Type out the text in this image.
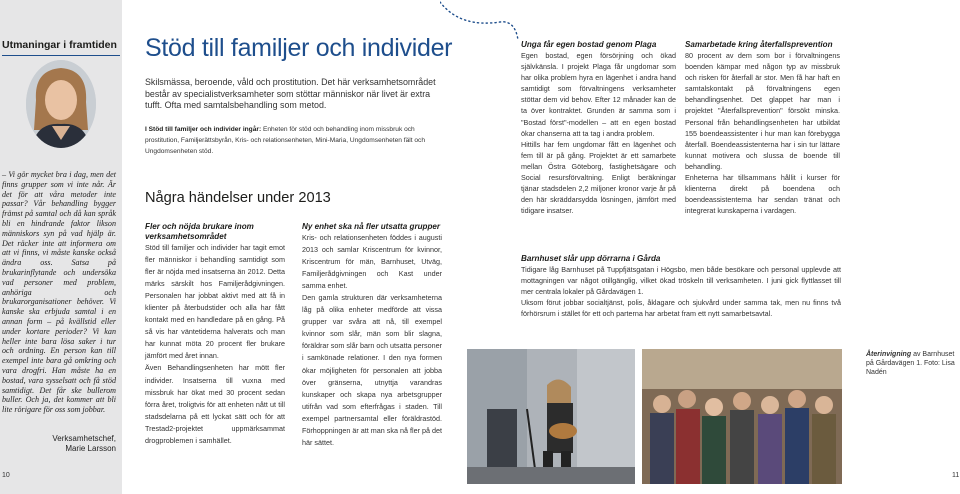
Utmaningar i framtiden
– Vi gör mycket bra i dag, men det finns grupper som vi inte når. Är det för att våra metoder inte passar? Vår behandling bygger främst på samtal och då kan språk bli en hindrande faktor likson människors syn på vad hjälp är. Det räcker inte att informera om att vi finns, vi måste kanske också ändra oss. Satsa på brukarinflytande och undersöka vad personer med problem, anhöriga och brukarorganisationer behöver. Vi kanske ska erbjuda samtal i en annan form – på kvällstid eller under kortare perioder? Vi kan heller inte bara lösa saker i tur och ordning. En person kan till exempel inte bara gå omkring och vara drogfri. Han måste ha en bostad, vara sysselsatt och få stöd samtidigt. Det får ske bullerom buller. Och ja, det kommer att bli lite rörigare för oss som jobbar.
Verksamhetschef,
Marie Larsson
10
Stöd till familjer och individer
Skilsmässa, beroende, våld och prostitution. Det här verksamhetsområdet består av specialistverksamheter som stöttar människor när livet är extra tufft. Ofta med samtalsbehandling som metod.
I Stöd till familjer och individer ingår: Enheten för stöd och behandling inom missbruk och prostitution, Familjerättsbyrån, Kris- och relationsenheten, Mini-Maria, Ungdomsenheten fält och Ungdomsenheten stöd.
Några händelser under 2013
Fler och nöjda brukare inom verksamhetsområdet
Stöd till familjer och individer har tagit emot fler människor i behandling samtidigt som fler är nöjda med insatserna än 2012. Detta märks särskilt hos Familjerådgivningen. Personalen har jobbat aktivt med att få in klienter på återbudstider och alla har fått kontakt med en handledare på en gång. På så vis har väntetiderna halverats och man har kunnat möta 20 procent fler brukare jämfört med året innan.
Även Behandlingsenheten har mött fler individer. Insatserna till vuxna med missbruk har ökat med 30 procent sedan förra året, troligtvis för att enheten nått ut till stadsdelarna på ett lyckat sätt och för att Trestad2-projektet uppmärksammat drogproblemen i samhället.
Ny enhet ska nå fler utsatta grupper
Kris- och relationsenheten föddes i augusti 2013 och samlar Kriscentrum för kvinnor, Kriscentrum för män, Barnhuset, Utväg, Familjerådgivningen och Kast under samma enhet.
Den gamla strukturen där verksamheterna låg på olika enheter medförde att vissa grupper var svåra att nå, till exempel kvinnor som slår, män som blir slagna, föräldrar som slår barn och utsatta personer i samkönade relationer. I den nya formen ökar möjligheten för personalen att jobba över gränserna, utnyttja varandras kunskaper och skapa nya arbetsgrupper utifrån vad som efterfrågas i staden. Till exempel partnersamtal eller föräldrastöd. Förhoppningen är att man ska nå fler på det här sättet.
Unga får egen bostad genom Plaga
Egen bostad, egen försörjning och ökad självkänsla. I projekt Plaga får ungdomar som har olika problem hyra en lägenhet i andra hand samtidigt som förvaltningens verksamheter stöttar dem vid behov. Efter 12 månader kan de ta över kontraktet. Grunden är samma som i "Bostad först"-modellen – att en egen bostad ökar chanserna att ta tag i andra problem.
Hittills har fem ungdomar fått en lägenhet och fem till är på gång. Projektet är ett samarbete mellan Östra Göteborg, fastighetsägare och Social resursförvaltning. Enligt beräkningar tjänar stadsdelen 2,2 miljoner kronor varje år på den här skräddarsydda lösningen, jämfört med tidigare insatser.
Samarbetade kring återfallsprevention
80 procent av dem som bor i förvaltningens boenden kämpar med någon typ av missbruk och risken för återfall är stor. Men få har haft en samtalskontakt på förvaltningens egen behandlingsenhet. Det glappet har man i projektet "Återfallsprevention" försökt minska. Personal från behandlingsenheten har utbildat 155 boendeassistenter i hur man kan förebygga återfall. Boendeassistenterna har i sin tur lättare kunnat motivera och slussa de boende till behandling.
Enheterna har tillsammans hållit i kurser för klienterna direkt på boendena och boendeassistenterna har sendan tränat och integrerat kunskaperna i vardagen.
Barnhuset slår upp dörrarna i Gårda
Tidigare låg Barnhuset på Tuppfjätsgatan i Högsbo, men både besökare och personal upplevde att mottagningen var något otillgänglig, vilket ökad tröskeln till verksamheten. I juni gick flyttlasset till mer centrala lokaler på Gårdavägen 1.
Uksom förut jobbar socialtjänst, polis, åklagare och sjukvård under samma tak, men nu finns två förhörsrum i stället för ett och parterna har arbetat fram ett nytt samarbetsavtal.
Återinvigning av Barnhuset på Gårdavägen 1. Foto: Lisa Nadén
11
